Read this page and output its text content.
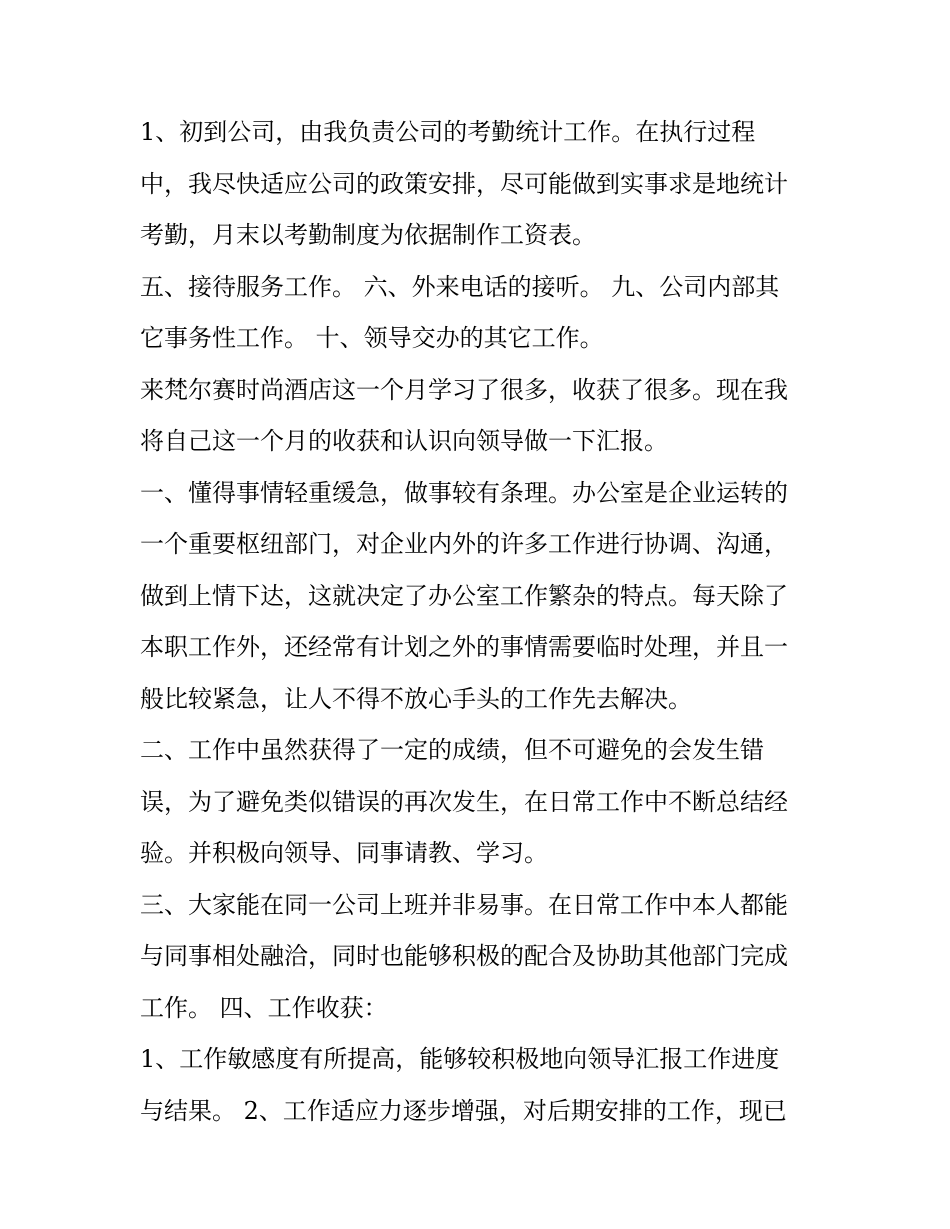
1、初到公司，由我负责公司的考勤统计工作。在执行过程
中，我尽快适应公司的政策安排，尽可能做到实事求是地统计
考勤，月末以考勤制度为依据制作工资表。
五、接待服务工作。 六、外来电话的接听。 九、公司内部其
它事务性工作。 十、领导交办的其它工作。
来梵尔赛时尚酒店这一个月学习了很多，收获了很多。现在我
将自己这一个月的收获和认识向领导做一下汇报。
一、懂得事情轻重缓急，做事较有条理。办公室是企业运转的
一个重要枢纽部门，对企业内外的许多工作进行协调、沟通，
做到上情下达，这就决定了办公室工作繁杂的特点。每天除了
本职工作外，还经常有计划之外的事情需要临时处理，并且一
般比较紧急，让人不得不放心手头的工作先去解决。
二、工作中虽然获得了一定的成绩，但不可避免的会发生错
误，为了避免类似错误的再次发生，在日常工作中不断总结经
验。并积极向领导、同事请教、学习。
三、大家能在同一公司上班并非易事。在日常工作中本人都能
与同事相处融洽，同时也能够积极的配合及协助其他部门完成
工作。 四、工作收获：
1、工作敏感度有所提高，能够较积极地向领导汇报工作进度
与结果。 2、工作适应力逐步增强，对后期安排的工作，现已
